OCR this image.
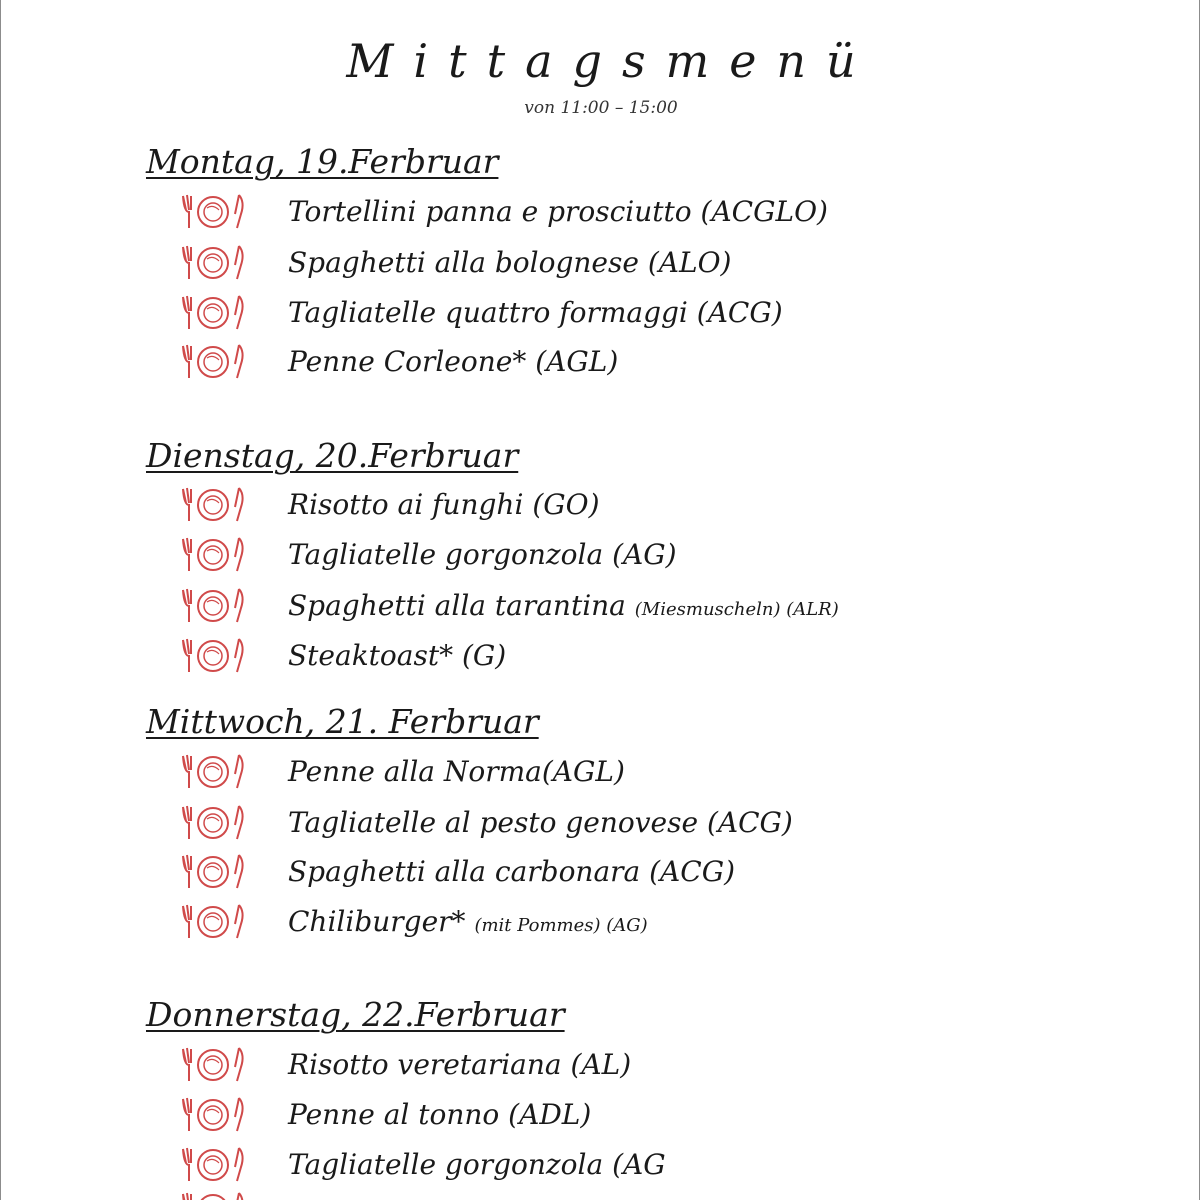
Mittagsmenü
von 11:00 – 15:00
Montag, 19.Ferbruar
Tortellini panna e prosciutto (ACGLO)
Spaghetti alla bolognese (ALO)
Tagliatelle quattro formaggi (ACG)
Penne Corleone* (AGL)
Dienstag, 20.Ferbruar
Risotto ai funghi (GO)
Tagliatelle gorgonzola (AG)
Spaghetti alla tarantina (Miesmuscheln) (ALR)
Steaktoast* (G)
Mittwoch, 21. Ferbruar
Penne alla Norma(AGL)
Tagliatelle al pesto genovese (ACG)
Spaghetti alla carbonara (ACG)
Chiliburger* (mit Pommes) (AG)
Donnerstag, 22.Ferbruar
Risotto veretariana (AL)
Penne al tonno (ADL)
Tagliatelle gorgonzola (AG
